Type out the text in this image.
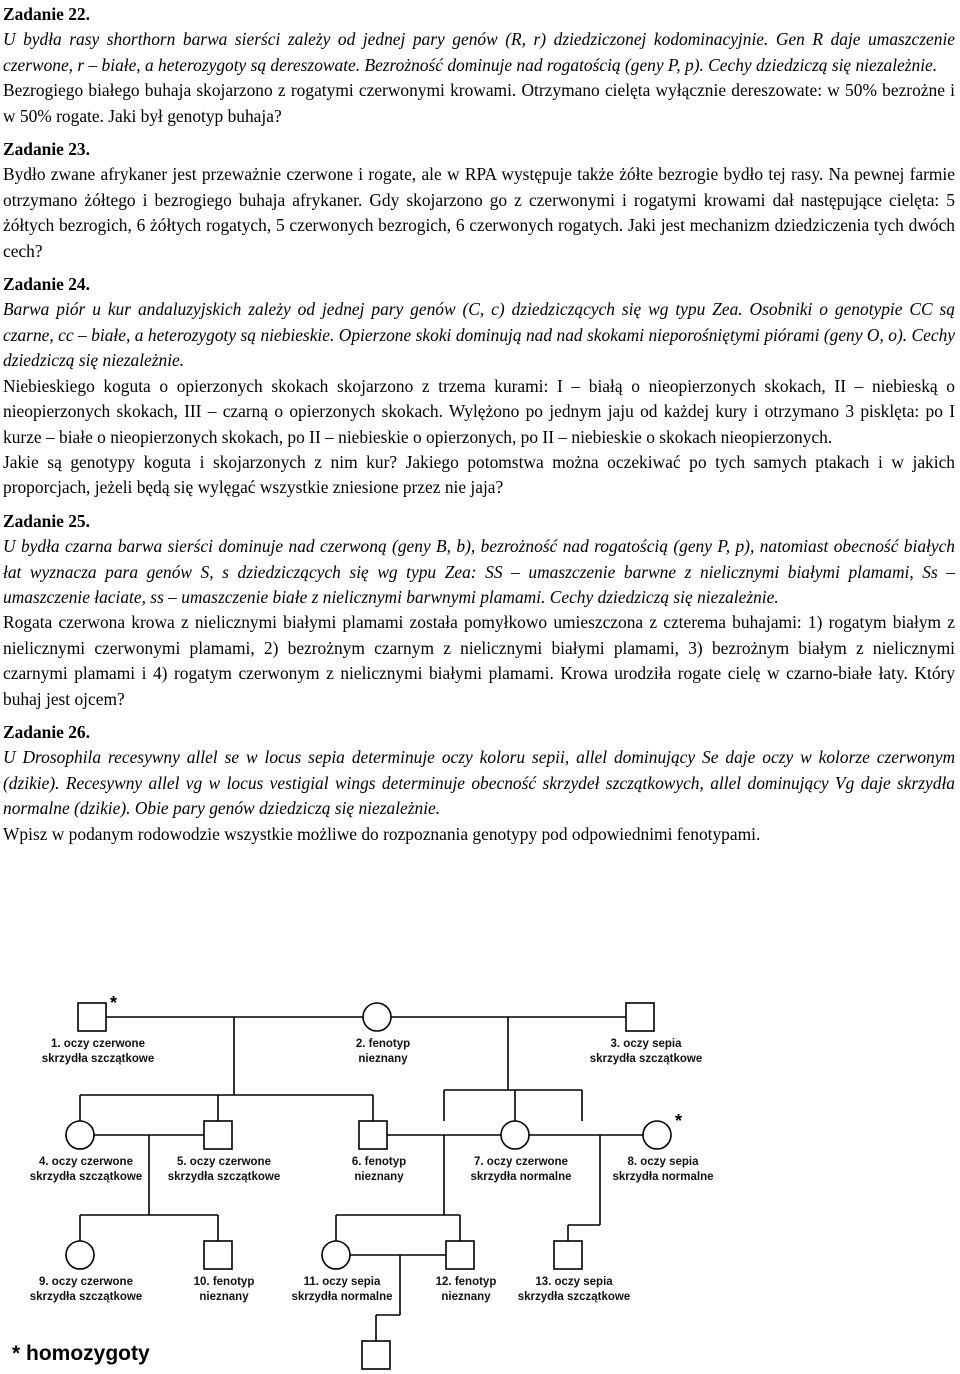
Zadanie 22.

U bydła rasy shorthorn barwa sierści zależy od jednej pary genów (R, r) dziedziczonej kodominacyjnie. Gen R daje umaszczenie czerwone, r – białe, a heterozygoty są dereszowate. Bezrożność dominuje nad rogatością (geny P, p). Cechy dziedziczą się niezależnie.

Bezrogiego białego buhaja skojarzono z rogatymi czerwonymi krowami. Otrzymano cielęta wyłącznie dereszowate: w 50% bezrożne i w 50% rogate. Jaki był genotyp buhaja?

Zadanie 23.

Bydło zwane afrykaner jest przeważnie czerwone i rogate, ale w RPA występuje także żółte bezrogie bydło tej rasy. Na pewnej farmie otrzymano żółtego i bezrogiego buhaja afrykaner. Gdy skojarzono go z czerwonymi i rogatymi krowami dał następujące cielęta: 5 żółtych bezrogich, 6 żółtych rogatych, 5 czerwonych bezrogich, 6 czerwonych rogatych. Jaki jest mechanizm dziedziczenia tych dwóch cech?

Zadanie 24.

Barwa piór u kur andaluzyjskich zależy od jednej pary genów (C, c) dziedziczących się wg typu Zea. Osobniki o genotypie CC są czarne, cc – białe, a heterozygoty są niebieskie. Opierzone skoki dominują nad nad skokami nieporośniętymi piórami (geny O, o). Cechy dziedziczą się niezależnie.

Niebieskiego koguta o opierzonych skokach skojarzono z trzema kurami: I – białą o nieopierzonych skokach, II – niebieską o nieopierzonych skokach, III – czarną o opierzonych skokach. Wylężono po jednym jaju od każdej kury i otrzymano 3 pisklęta: po I kurze – białe o nieopierzonych skokach, po II – niebieskie o opierzonych, po II – niebieskie o skokach nieopierzonych.

Jakie są genotypy koguta i skojarzonych z nim kur? Jakiego potomstwa można oczekiwać po tych samych ptakach i w jakich proporcjach, jeżeli będą się wylęgać wszystkie zniesione przez nie jaja?

Zadanie 25.

U bydła czarna barwa sierści dominuje nad czerwoną (geny B, b), bezrożność nad rogatością (geny P, p), natomiast obecność białych łat wyznacza para genów S, s dziedziczących się wg typu Zea: SS – umaszczenie barwne z nielicznymi białymi plamami, Ss – umaszczenie łaciate, ss – umaszczenie białe z nielicznymi barwnymi plamami. Cechy dziedziczą się niezależnie.

Rogata czerwona krowa z nielicznymi białymi plamami została pomyłkowo umieszczona z czterema buhajami: 1) rogatym białym z nielicznymi czerwonymi plamami, 2) bezrożnym czarnym z nielicznymi białymi plamami, 3) bezrożnym białym z nielicznymi czarnymi plamami i 4) rogatym czerwonym z nielicznymi białymi plamami. Krowa urodziła rogate cielę w czarno-białe łaty. Który buhaj jest ojcem?

Zadanie 26.

U Drosophila recesywny allel se w locus sepia determinuje oczy koloru sepii, allel dominujący Se daje oczy w kolorze czerwonym (dzikie). Recesywny allel vg w locus vestigial wings determinuje obecność skrzydeł szczątkowych, allel dominujący Vg daje skrzydła normalne (dzikie). Obie pary genów dziedziczą się niezależnie.

Wpisz w podanym rodowodzie wszystkie możliwe do rozpoznania genotypy pod odpowiednimi fenotypami.

*
*
1. oczy czerwone
skrzydła szczątkowe
2. fenotyp
nieznany
3. oczy sepia
skrzydła szczątkowe
4. oczy czerwone
skrzydła szczątkowe
5. oczy czerwone
skrzydła szczątkowe
6. fenotyp
nieznany
7. oczy czerwone
skrzydła normalne
8. oczy sepia
skrzydła normalne
9. oczy czerwone
skrzydła szczątkowe
10. fenotyp
nieznany
11. oczy sepia
skrzydła normalne
12. fenotyp
nieznany
13. oczy sepia
skrzydła szczątkowe
* homozygoty
